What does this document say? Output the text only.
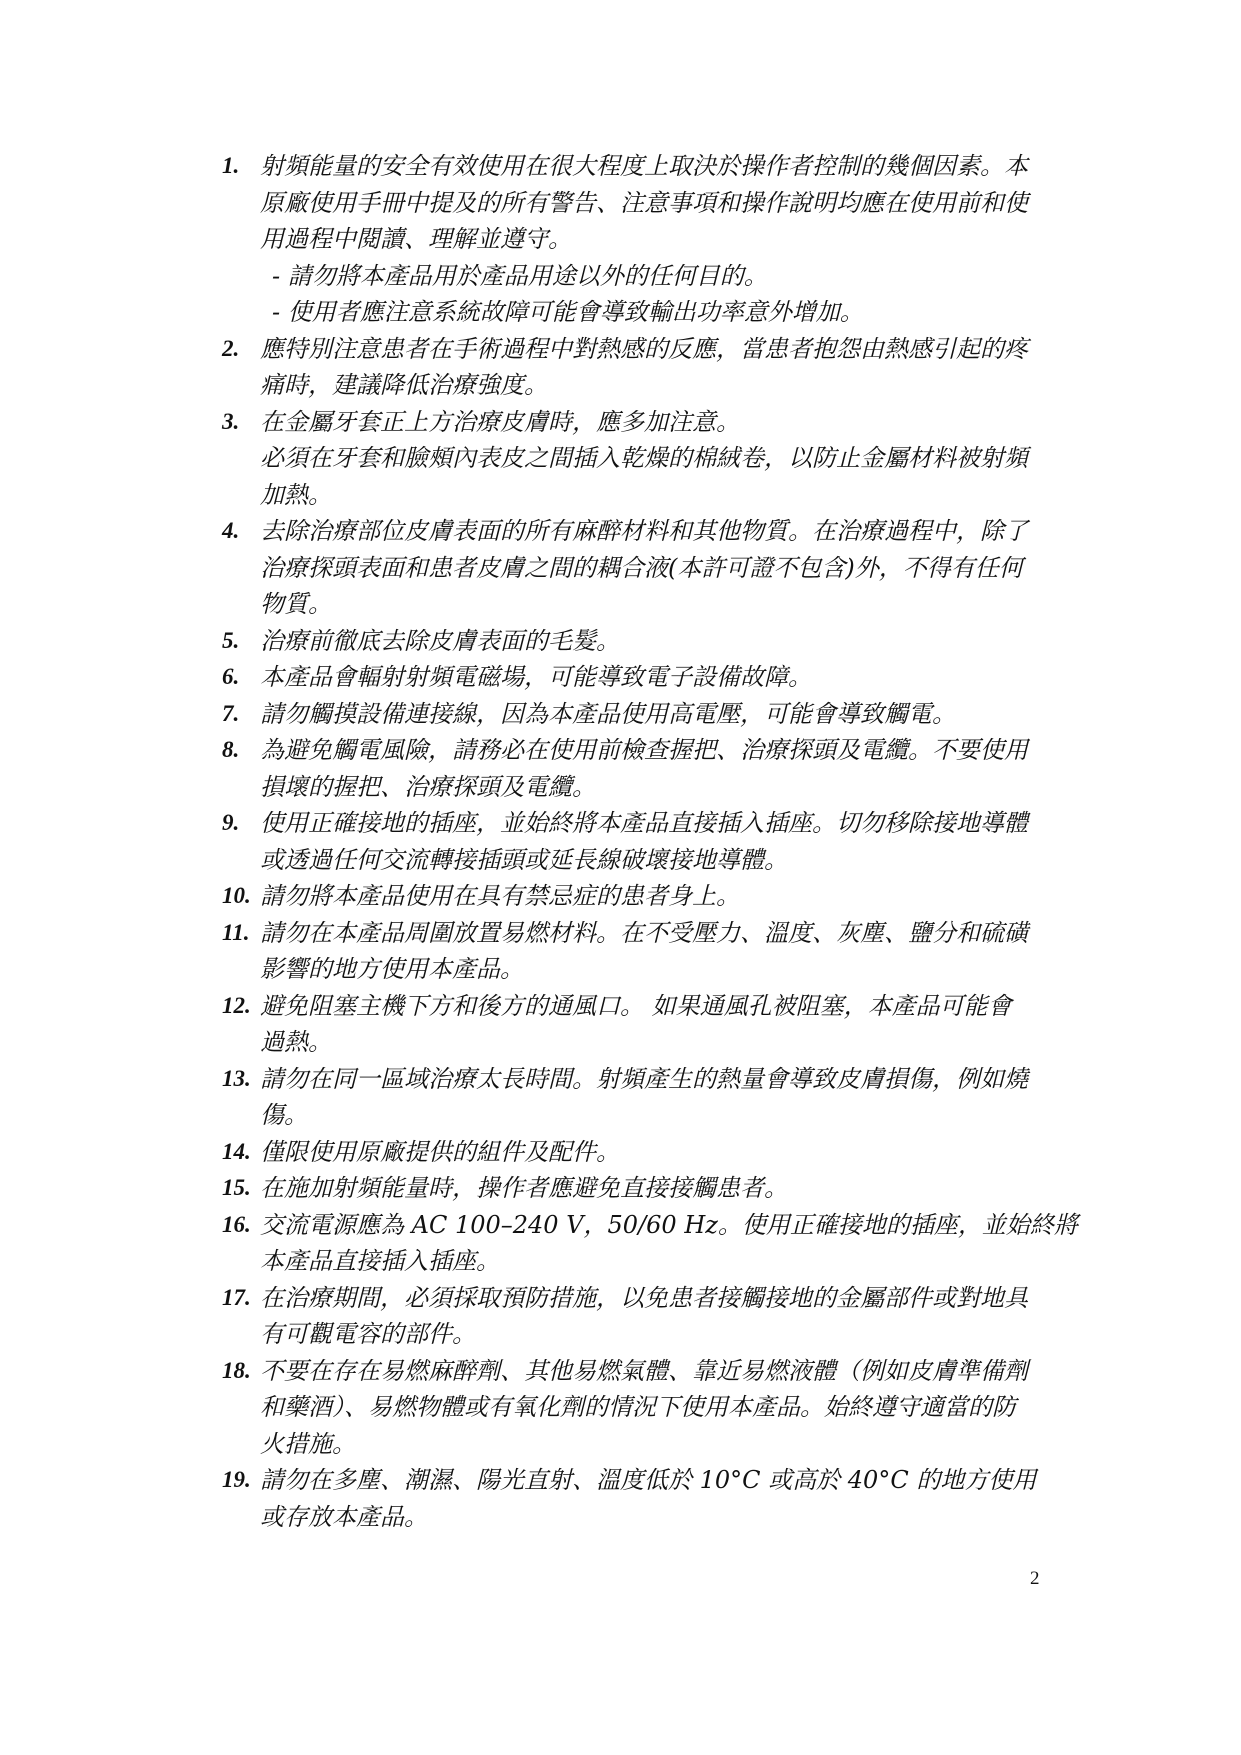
1. 射頻能量的安全有效使用在很大程度上取決於操作者控制的幾個因素。本
原廠使用手冊中提及的所有警告、注意事項和操作說明均應在使用前和使
用過程中閱讀、理解並遵守。
- 請勿將本產品用於產品用途以外的任何目的。
- 使用者應注意系統故障可能會導致輸出功率意外增加。
2. 應特別注意患者在手術過程中對熱感的反應，當患者抱怨由熱感引起的疼
痛時，建議降低治療強度。
3. 在金屬牙套正上方治療皮膚時，應多加注意。
必須在牙套和臉頰內表皮之間插入乾燥的棉絨卷，以防止金屬材料被射頻
加熱。
4. 去除治療部位皮膚表面的所有麻醉材料和其他物質。在治療過程中，除了
治療探頭表面和患者皮膚之間的耦合液(本許可證不包含)外，不得有任何
物質。
5. 治療前徹底去除皮膚表面的毛髮。
6. 本產品會輻射射頻電磁場，可能導致電子設備故障。
7. 請勿觸摸設備連接線，因為本產品使用高電壓，可能會導致觸電。
8. 為避免觸電風險，請務必在使用前檢查握把、治療探頭及電纜。不要使用
損壞的握把、治療探頭及電纜。
9. 使用正確接地的插座，並始終將本產品直接插入插座。切勿移除接地導體
或透過任何交流轉接插頭或延長線破壞接地導體。
10. 請勿將本產品使用在具有禁忌症的患者身上。
11. 請勿在本產品周圍放置易燃材料。在不受壓力、溫度、灰塵、鹽分和硫磺
影響的地方使用本產品。
12. 避免阻塞主機下方和後方的通風口。 如果通風孔被阻塞，本產品可能會
過熱。
13. 請勿在同一區域治療太長時間。射頻產生的熱量會導致皮膚損傷，例如燒
傷。
14. 僅限使用原廠提供的組件及配件。
15. 在施加射頻能量時，操作者應避免直接接觸患者。
16. 交流電源應為 AC 100–240 V，50/60 Hz。使用正確接地的插座，並始終將
本產品直接插入插座。
17. 在治療期間，必須採取預防措施，以免患者接觸接地的金屬部件或對地具
有可觀電容的部件。
18. 不要在存在易燃麻醉劑、其他易燃氣體、靠近易燃液體（例如皮膚準備劑
和藥酒）、易燃物體或有氧化劑的情況下使用本產品。始終遵守適當的防
火措施。
19. 請勿在多塵、潮濕、陽光直射、溫度低於 10°C 或高於 40°C 的地方使用
或存放本產品。
2
